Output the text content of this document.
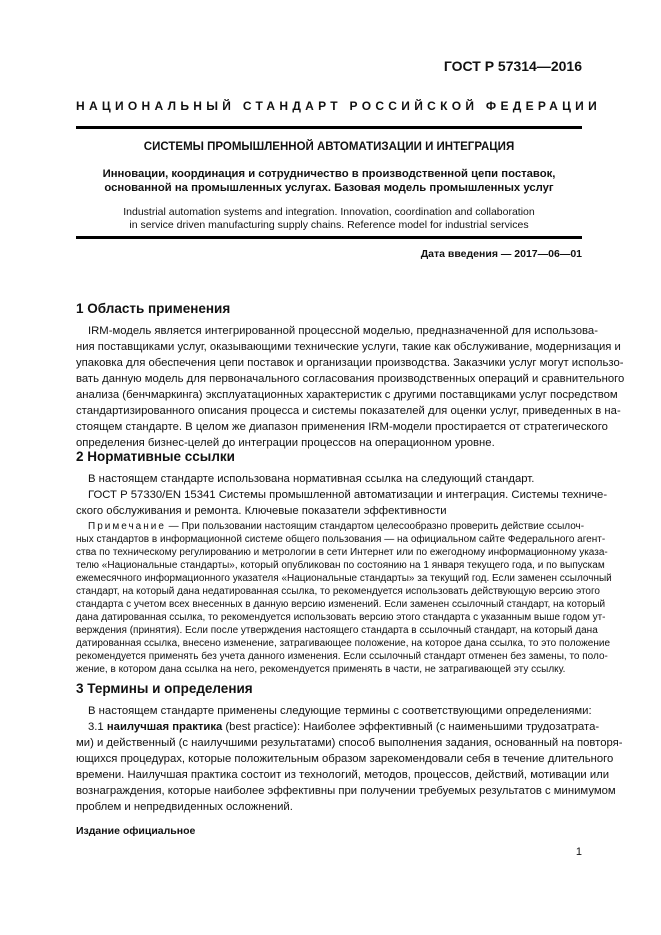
ГОСТ Р 57314—2016
НАЦИОНАЛЬНЫЙ СТАНДАРТ РОССИЙСКОЙ ФЕДЕРАЦИИ
СИСТЕМЫ ПРОМЫШЛЕННОЙ АВТОМАТИЗАЦИИ И ИНТЕГРАЦИЯ
Инновации, координация и сотрудничество в производственной цепи поставок,
основанной на промышленных услугах. Базовая модель промышленных услуг
Industrial automation systems and integration. Innovation, coordination and collaboration
in service driven manufacturing supply chains. Reference model for industrial services
Дата введения — 2017—06—01
1 Область применения
IRM-модель является интегрированной процессной моделью, предназначенной для использова-
ния поставщиками услуг, оказывающими технические услуги, такие как обслуживание, модернизация и
упаковка для обеспечения цепи поставок и организации производства. Заказчики услуг могут использо-
вать данную модель для первоначального согласования производственных операций и сравнительного
анализа (бенчмаркинга) эксплуатационных характеристик с другими поставщиками услуг посредством
стандартизированного описания процесса и системы показателей для оценки услуг, приведенных в на-
стоящем стандарте. В целом же диапазон применения IRM-модели простирается от стратегического
определения бизнес-целей до интеграции процессов на операционном уровне.
2 Нормативные ссылки
В настоящем стандарте использована нормативная ссылка на следующий стандарт.
ГОСТ Р 57330/EN 15341 Системы промышленной автоматизации и интеграция. Системы техниче-
ского обслуживания и ремонта. Ключевые показатели эффективности
Примечание — При пользовании настоящим стандартом целесообразно проверить действие ссылоч-
ных стандартов в информационной системе общего пользования — на официальном сайте Федерального агент-
ства по техническому регулированию и метрологии в сети Интернет или по ежегодному информационному указа-
телю «Национальные стандарты», который опубликован по состоянию на 1 января текущего года, и по выпускам
ежемесячного информационного указателя «Национальные стандарты» за текущий год. Если заменен ссылочный
стандарт, на который дана недатированная ссылка, то рекомендуется использовать действующую версию этого
стандарта с учетом всех внесенных в данную версию изменений. Если заменен ссылочный стандарт, на который
дана датированная ссылка, то рекомендуется использовать версию этого стандарта с указанным выше годом ут-
верждения (принятия). Если после утверждения настоящего стандарта в ссылочный стандарт, на который дана
датированная ссылка, внесено изменение, затрагивающее положение, на которое дана ссылка, то это положение
рекомендуется применять без учета данного изменения. Если ссылочный стандарт отменен без замены, то поло-
жение, в котором дана ссылка на него, рекомендуется применять в части, не затрагивающей эту ссылку.
3 Термины и определения
В настоящем стандарте применены следующие термины с соответствующими определениями:
3.1 наилучшая практика (best practice): Наиболее эффективный (с наименьшими трудозатрата-
ми) и действенный (с наилучшими результатами) способ выполнения задания, основанный на повторя-
ющихся процедурах, которые положительным образом зарекомендовали себя в течение длительного
времени. Наилучшая практика состоит из технологий, методов, процессов, действий, мотивации или
вознаграждения, которые наиболее эффективны при получении требуемых результатов с минимумом
проблем и непредвиденных осложнений.
Издание официальное
1
